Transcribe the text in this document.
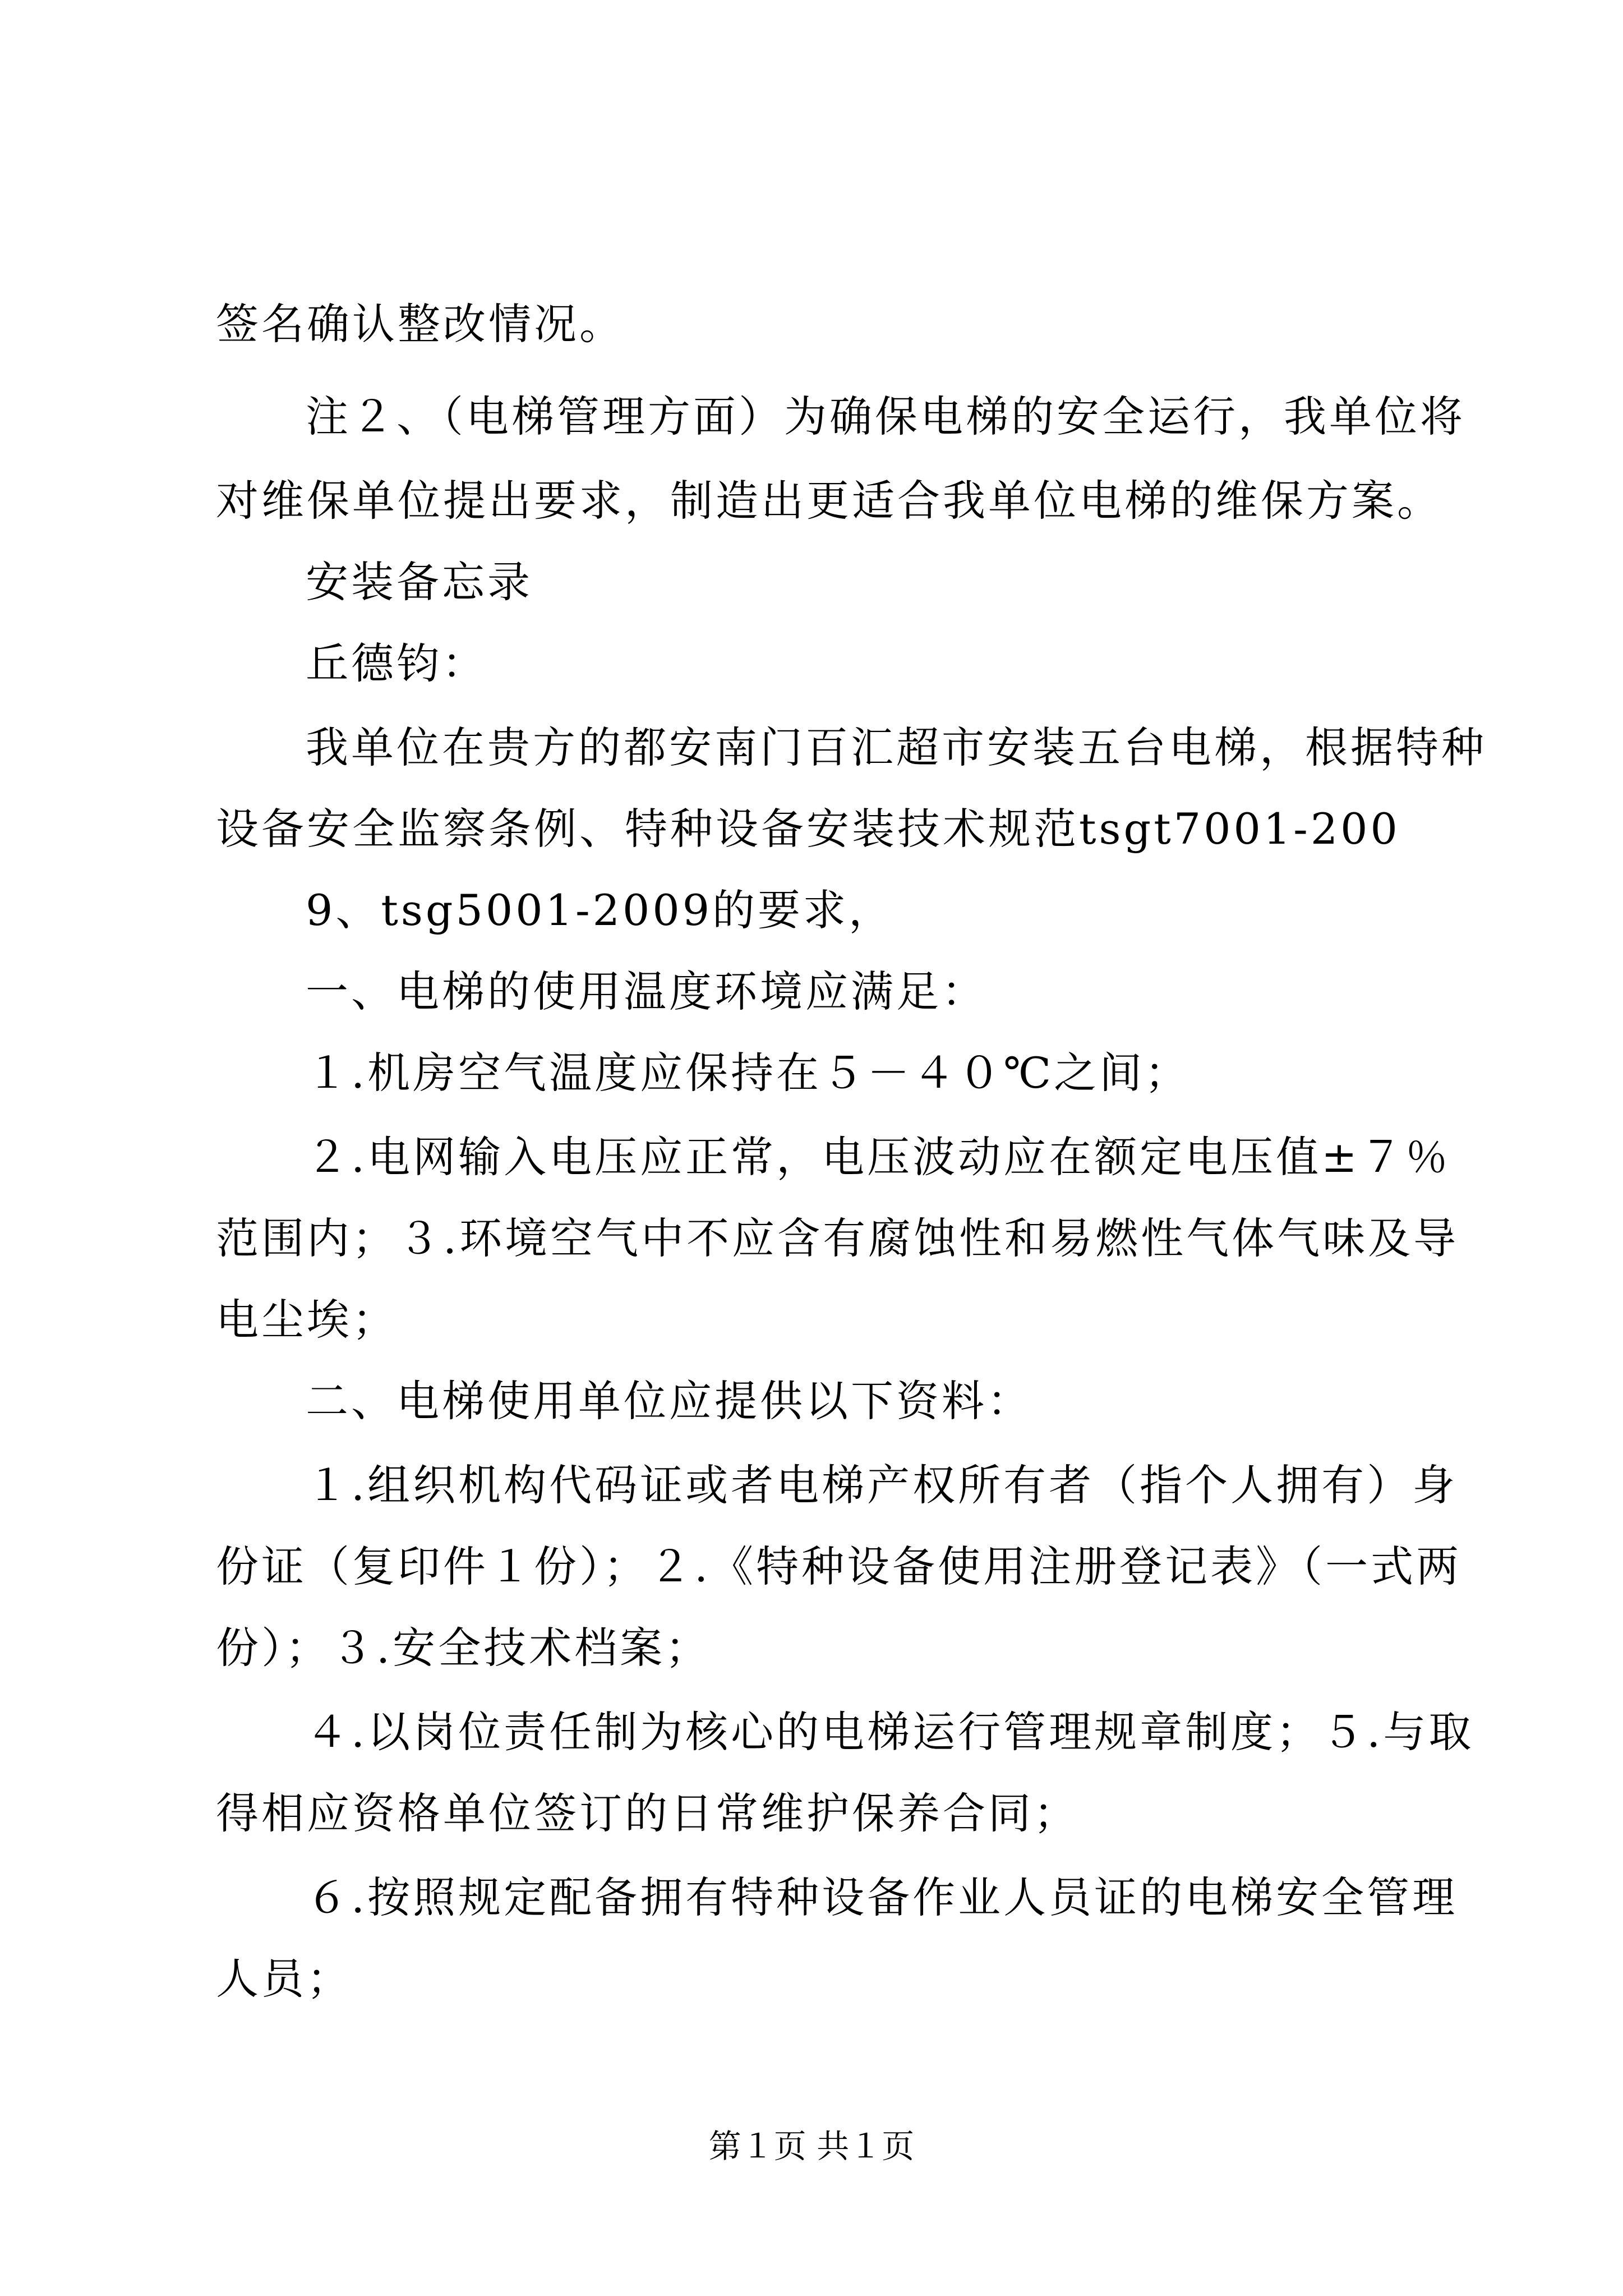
签名确认整改情况。
注２、（电梯管理方面）为确保电梯的安全运行，我单位将
对维保单位提出要求，制造出更适合我单位电梯的维保方案。
安装备忘录
丘德钧：
我单位在贵方的都安南门百汇超市安装五台电梯，根据特种
设备安全监察条例、特种设备安装技术规范tsgt7001-200
9、tsg5001-2009的要求，
一、电梯的使用温度环境应满足：
１.机房空气温度应保持在５－４０℃之间；
２.电网输入电压应正常，电压波动应在额定电压值±７％
范围内；３.环境空气中不应含有腐蚀性和易燃性气体气味及导
电尘埃；
二、电梯使用单位应提供以下资料：
１.组织机构代码证或者电梯产权所有者（指个人拥有）身
份证（复印件１份）；２.《特种设备使用注册登记表》（一式两
份）；３.安全技术档案；
４.以岗位责任制为核心的电梯运行管理规章制度；５.与取
得相应资格单位签订的日常维护保养合同；
６.按照规定配备拥有特种设备作业人员证的电梯安全管理
人员；
第１页 共１页
